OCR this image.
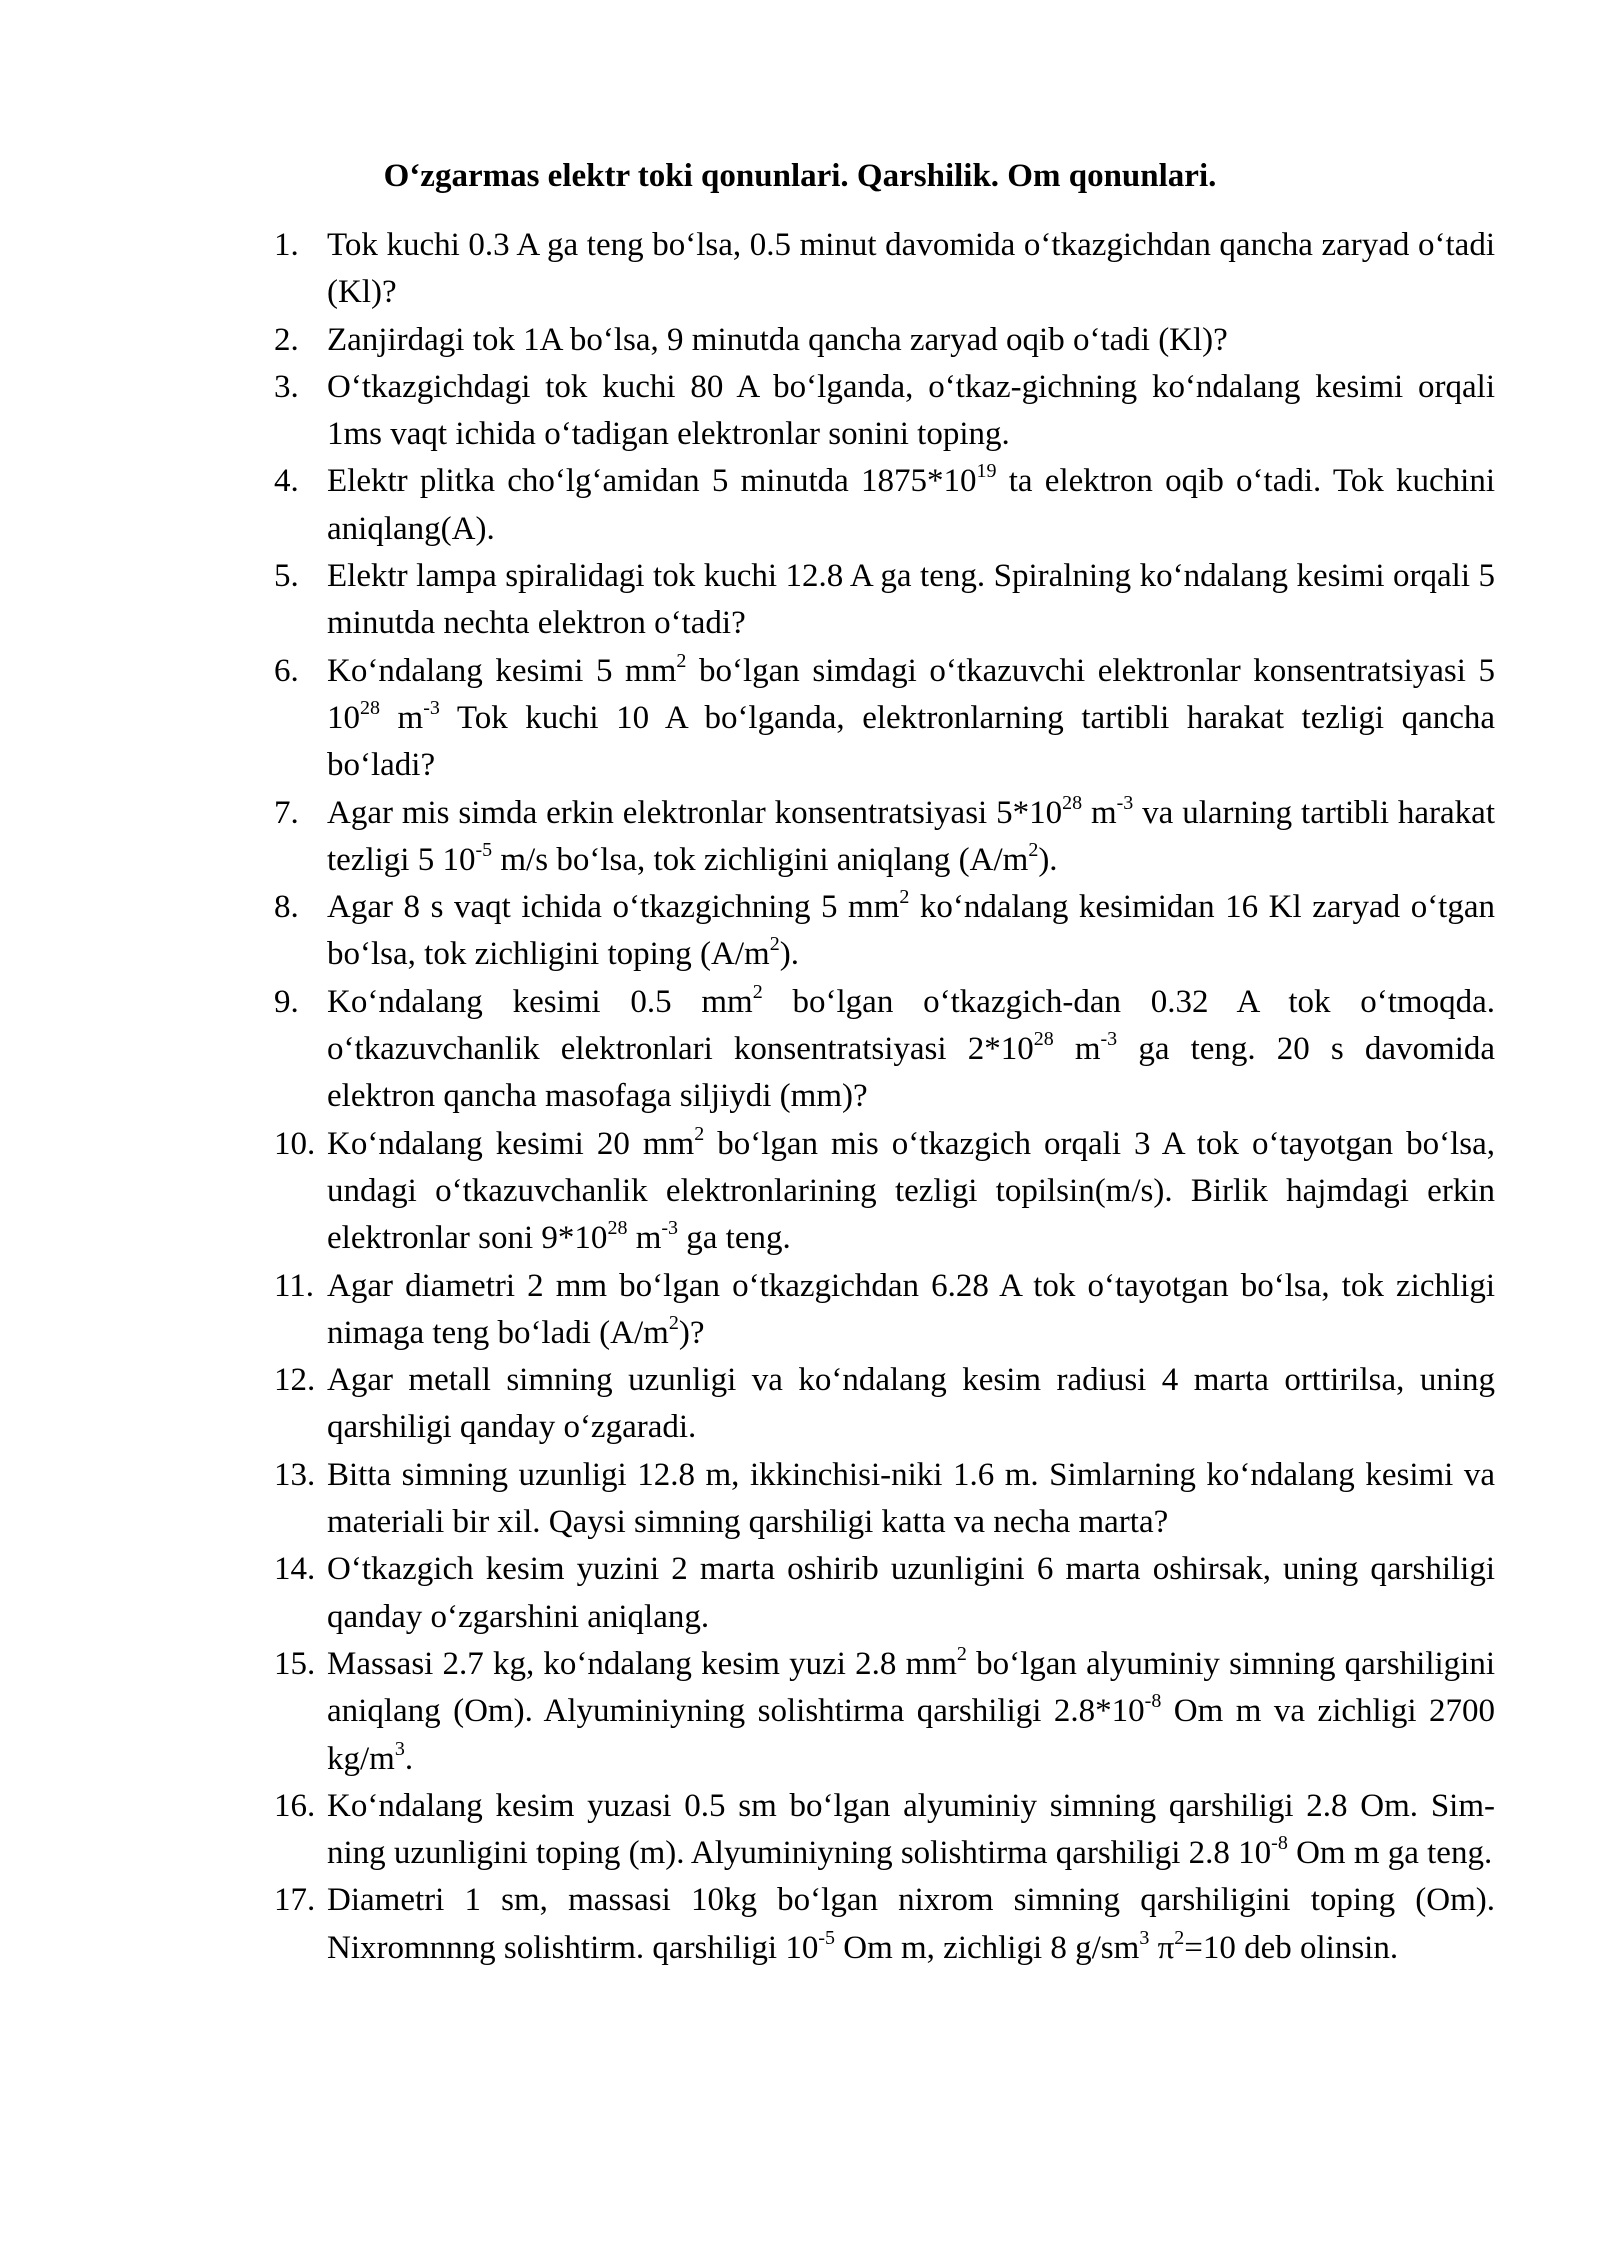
O‘zgarmas elektr toki qonunlari. Qarshilik. Om qonunlari.
1. Tok kuchi 0.3 A ga teng bo‘lsa, 0.5 minut davomida o‘tkazgichdan qancha zaryad o‘tadi (Kl)?
2. Zanjirdagi tok 1A bo‘lsa, 9 minutda qancha zaryad oqib o‘tadi (Kl)?
3. O‘tkazgichdagi tok kuchi 80 A bo‘lganda, o‘tkaz-gichning ko‘ndalang kesimi orqali 1ms vaqt ichida o‘tadigan elektronlar sonini toping.
4. Elektr plitka cho‘lg‘amidan 5 minutda $1875*10^{19}$ ta elektron oqib o‘tadi. Tok kuchini aniqlang(A).
5. Elektr lampa spiralidagi tok kuchi 12.8 A ga teng. Spiralning ko‘ndalang kesimi orqali 5 minutda nechta elektron o‘tadi?
6. Ko‘ndalang kesimi 5 $mm^2$ bo‘lgan simdagi o‘tkazuvchi elektronlar konsentratsiyasi 5 $10^{28}$ $m^{-3}$ Tok kuchi 10 A bo‘lganda, elektronlarning tartibli harakat tezligi qancha bo‘ladi?
7. Agar mis simda erkin elektronlar konsentratsiyasi $5*10^{28}$ $m^{-3}$ va ularning tartibli harakat tezligi 5 $10^{-5}$ m/s bo‘lsa, tok zichligini aniqlang $(A/m^2)$.
8. Agar 8 s vaqt ichida o‘tkazgichning 5 $mm^2$ ko‘ndalang kesimidan 16 Kl zaryad o‘tgan bo‘lsa, tok zichligini toping $(A/m^2)$.
9. Ko‘ndalang kesimi 0.5 $mm^2$ bo‘lgan o‘tkazgich-dan 0.32 A tok o‘tmoqda. o‘tkazuvchanlik elektronlari konsentratsiyasi $2*10^{28}$ $m^{-3}$ ga teng. 20 s davomida elektron qancha masofaga siljiydi (mm)?
10. Ko‘ndalang kesimi 20 $mm^2$ bo‘lgan mis o‘tkazgich orqali 3 A tok o‘tayotgan bo‘lsa, undagi o‘tkazuvchanlik elektronlarining tezligi topilsin(m/s). Birlik hajmdagi erkin elektronlar soni $9*10^{28}$ $m^{-3}$ ga teng.
11. Agar diametri 2 mm bo‘lgan o‘tkazgichdan 6.28 A tok o‘tayotgan bo‘lsa, tok zichligi nimaga teng bo‘ladi $(A/m^2)$?
12. Agar metall simning uzunligi va ko‘ndalang kesim radiusi 4 marta orttirilsa, uning qarshiligi qanday o‘zgaradi.
13. Bitta simning uzunligi 12.8 m, ikkinchisi-niki 1.6 m. Simlarning ko‘ndalang kesimi va materiali bir xil. Qaysi simning qarshiligi katta va necha marta?
14. O‘tkazgich kesim yuzini 2 marta oshirib uzunligini 6 marta oshirsak, uning qarshiligi qanday o‘zgarshini aniqlang.
15. Massasi 2.7 kg, ko‘ndalang kesim yuzi 2.8 $mm^2$ bo‘lgan alyuminiy simning qarshiligini aniqlang (Om). Alyuminiyning solishtirma qarshiligi $2.8*10^{-8}$ Om m va zichligi 2700 $kg/m^3$.
16. Ko‘ndalang kesim yuzasi 0.5 sm bo‘lgan alyuminiy simning qarshiligi 2.8 Om. Sim-ning uzunligini toping (m). Alyuminiyning solishtirma qarshiligi 2.8 $10^{-8}$ Om m ga teng.
17. Diametri 1 sm, massasi 10kg bo‘lgan nixrom simning qarshiligini toping (Om). Nixromnnng solishtirm. qarshiligi $10^{-5}$ Om m, zichligi 8 $g/sm^3$ $\pi^2=10$ deb olinsin.
